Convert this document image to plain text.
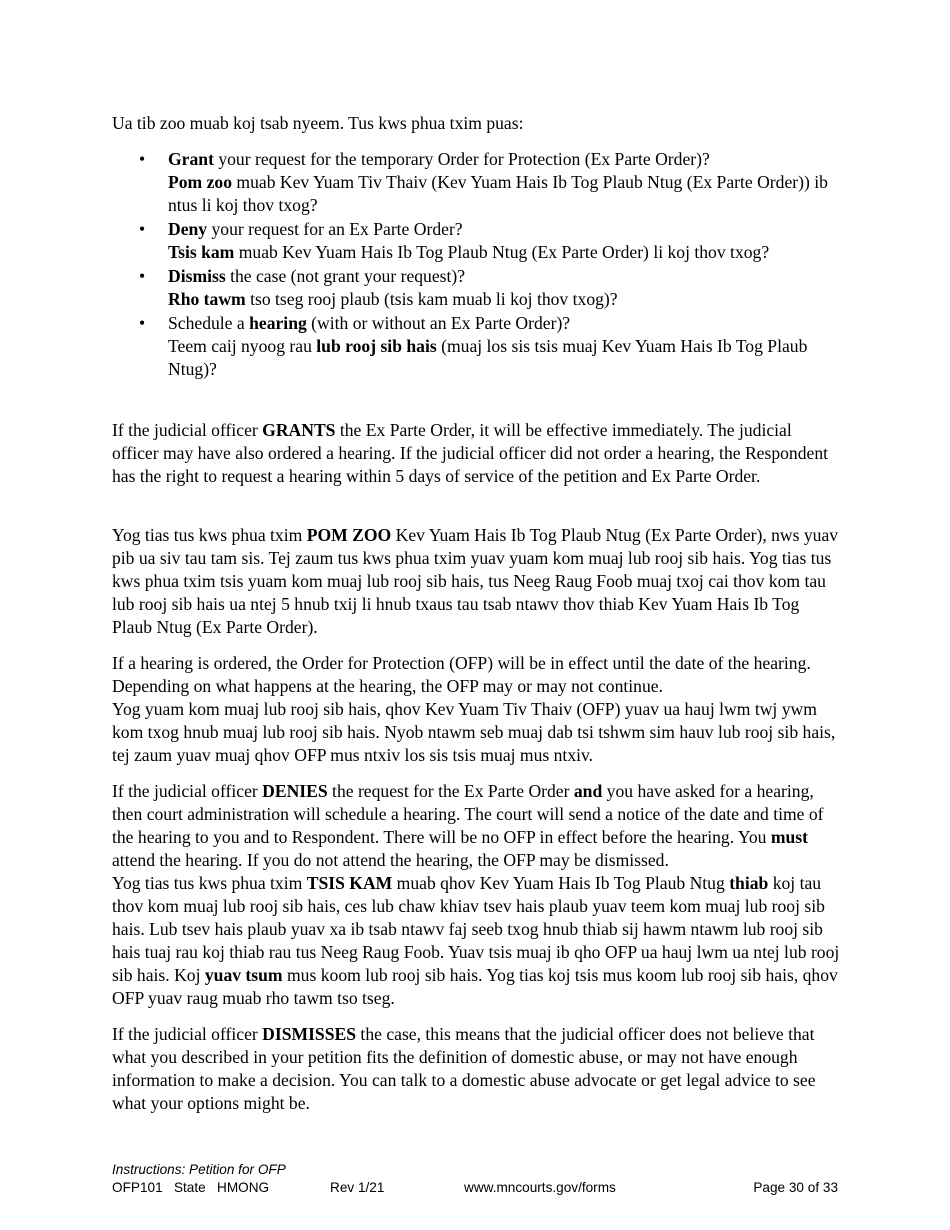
Ua tib zoo muab koj tsab nyeem. Tus kws phua txim puas:

• Grant your request for the temporary Order for Protection (Ex Parte Order)?
Pom zoo muab Kev Yuam Tiv Thaiv (Kev Yuam Hais Ib Tog Plaub Ntug (Ex Parte Order)) ib ntus li koj thov txog?
• Deny your request for an Ex Parte Order?
Tsis kam muab Kev Yuam Hais Ib Tog Plaub Ntug (Ex Parte Order) li koj thov txog?
• Dismiss the case (not grant your request)?
Rho tawm tso tseg rooj plaub (tsis kam muab li koj thov txog)?
• Schedule a hearing (with or without an Ex Parte Order)?
Teem caij nyoog rau lub rooj sib hais (muaj los sis tsis muaj Kev Yuam Hais Ib Tog Plaub Ntug)?

If the judicial officer GRANTS the Ex Parte Order, it will be effective immediately. The judicial officer may have also ordered a hearing. If the judicial officer did not order a hearing, the Respondent has the right to request a hearing within 5 days of service of the petition and Ex Parte Order.

Yog tias tus kws phua txim POM ZOO Kev Yuam Hais Ib Tog Plaub Ntug (Ex Parte Order), nws yuav pib ua siv tau tam sis. Tej zaum tus kws phua txim yuav yuam kom muaj lub rooj sib hais. Yog tias tus kws phua txim tsis yuam kom muaj lub rooj sib hais, tus Neeg Raug Foob muaj txoj cai thov kom tau lub rooj sib hais ua ntej 5 hnub txij li hnub txaus tau tsab ntawv thov thiab Kev Yuam Hais Ib Tog Plaub Ntug (Ex Parte Order).

If a hearing is ordered, the Order for Protection (OFP) will be in effect until the date of the hearing. Depending on what happens at the hearing, the OFP may or may not continue.
Yog yuam kom muaj lub rooj sib hais, qhov Kev Yuam Tiv Thaiv (OFP) yuav ua hauj lwm twj ywm kom txog hnub muaj lub rooj sib hais. Nyob ntawm seb muaj dab tsi tshwm sim hauv lub rooj sib hais, tej zaum yuav muaj qhov OFP mus ntxiv los sis tsis muaj mus ntxiv.

If the judicial officer DENIES the request for the Ex Parte Order and you have asked for a hearing, then court administration will schedule a hearing. The court will send a notice of the date and time of the hearing to you and to Respondent. There will be no OFP in effect before the hearing. You must attend the hearing. If you do not attend the hearing, the OFP may be dismissed.
Yog tias tus kws phua txim TSIS KAM muab qhov Kev Yuam Hais Ib Tog Plaub Ntug thiab koj tau thov kom muaj lub rooj sib hais, ces lub chaw khiav tsev hais plaub yuav teem kom muaj lub rooj sib hais. Lub tsev hais plaub yuav xa ib tsab ntawv faj seeb txog hnub thiab sij hawm ntawm lub rooj sib hais tuaj rau koj thiab rau tus Neeg Raug Foob. Yuav tsis muaj ib qho OFP ua hauj lwm ua ntej lub rooj sib hais. Koj yuav tsum mus koom lub rooj sib hais. Yog tias koj tsis mus koom lub rooj sib hais, qhov OFP yuav raug muab rho tawm tso tseg.

If the judicial officer DISMISSES the case, this means that the judicial officer does not believe that what you described in your petition fits the definition of domestic abuse, or may not have enough information to make a decision. You can talk to a domestic abuse advocate or get legal advice to see what your options might be.

Instructions: Petition for OFP
OFP101   State   HMONG	Rev 1/21	www.mncourts.gov/forms	Page 30 of 33
